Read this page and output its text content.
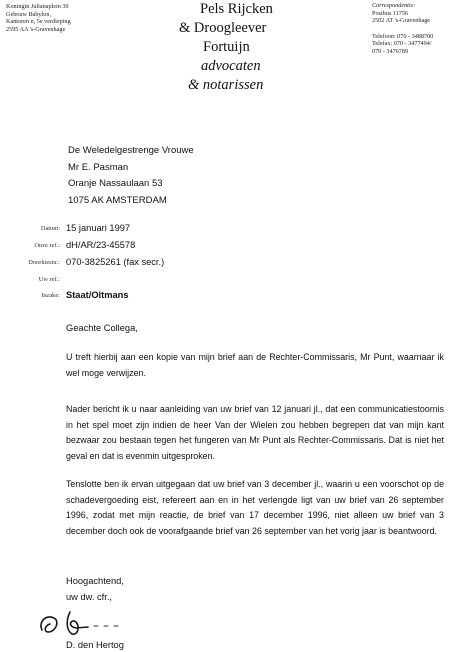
Koningin Julianaplein 30
Gebouw Babylon,
Kantoren n, 5e verdieping
2595 AA 's-Gravenhage
Pels Rijcken
& Droogleever
Fortuijn
advocaten
& notarissen
Correspondentie:
Postbus 11756
2502 AT 's-Gravenhage
Telefoon: 070 - 3488700
Telefax: 070 - 3477494/
070 - 3476789
De Weledelgestrenge Vrouwe
Mr E. Pasman
Oranje Nassaulaan 53
1075 AK AMSTERDAM
Datum: 15 januari 1997
Onze ref.: dH/AR/23-45578
Doorkiesnr.: 070-3825261 (fax secr.)
Uw ref.:
Inzake: Staat/Oltmans
Geachte Collega,
U treft hierbij aan een kopie van mijn brief aan de Rechter-Commissaris, Mr Punt, waarnaar ik wel moge verwijzen.
Nader bericht ik u naar aanleiding van uw brief van 12 januari jl., dat een communicatiestoornis in het spel moet zijn indien de heer Van der Wielen zou hebben begrepen dat van mijn kant bezwaar zou bestaan tegen het fungeren van Mr Punt als Rechter-Commissaris. Dat is niet het geval en dat is evenmin uitgesproken.
Tenslotte ben ik ervan uitgegaan dat uw brief van 3 december jl., waarin u een voorschot op de schadevergoeding eist, refereert aan en in het verlengde ligt van uw brief van 26 september 1996, zodat met mijn reactie, de brief van 17 december 1996, niet alleen uw brief van 3 december doch ook de voorafgaande brief van 26 september van het vorig jaar is beantwoord.
Hoogachtend,
uw dw. cfr.,
D. den Hertog
